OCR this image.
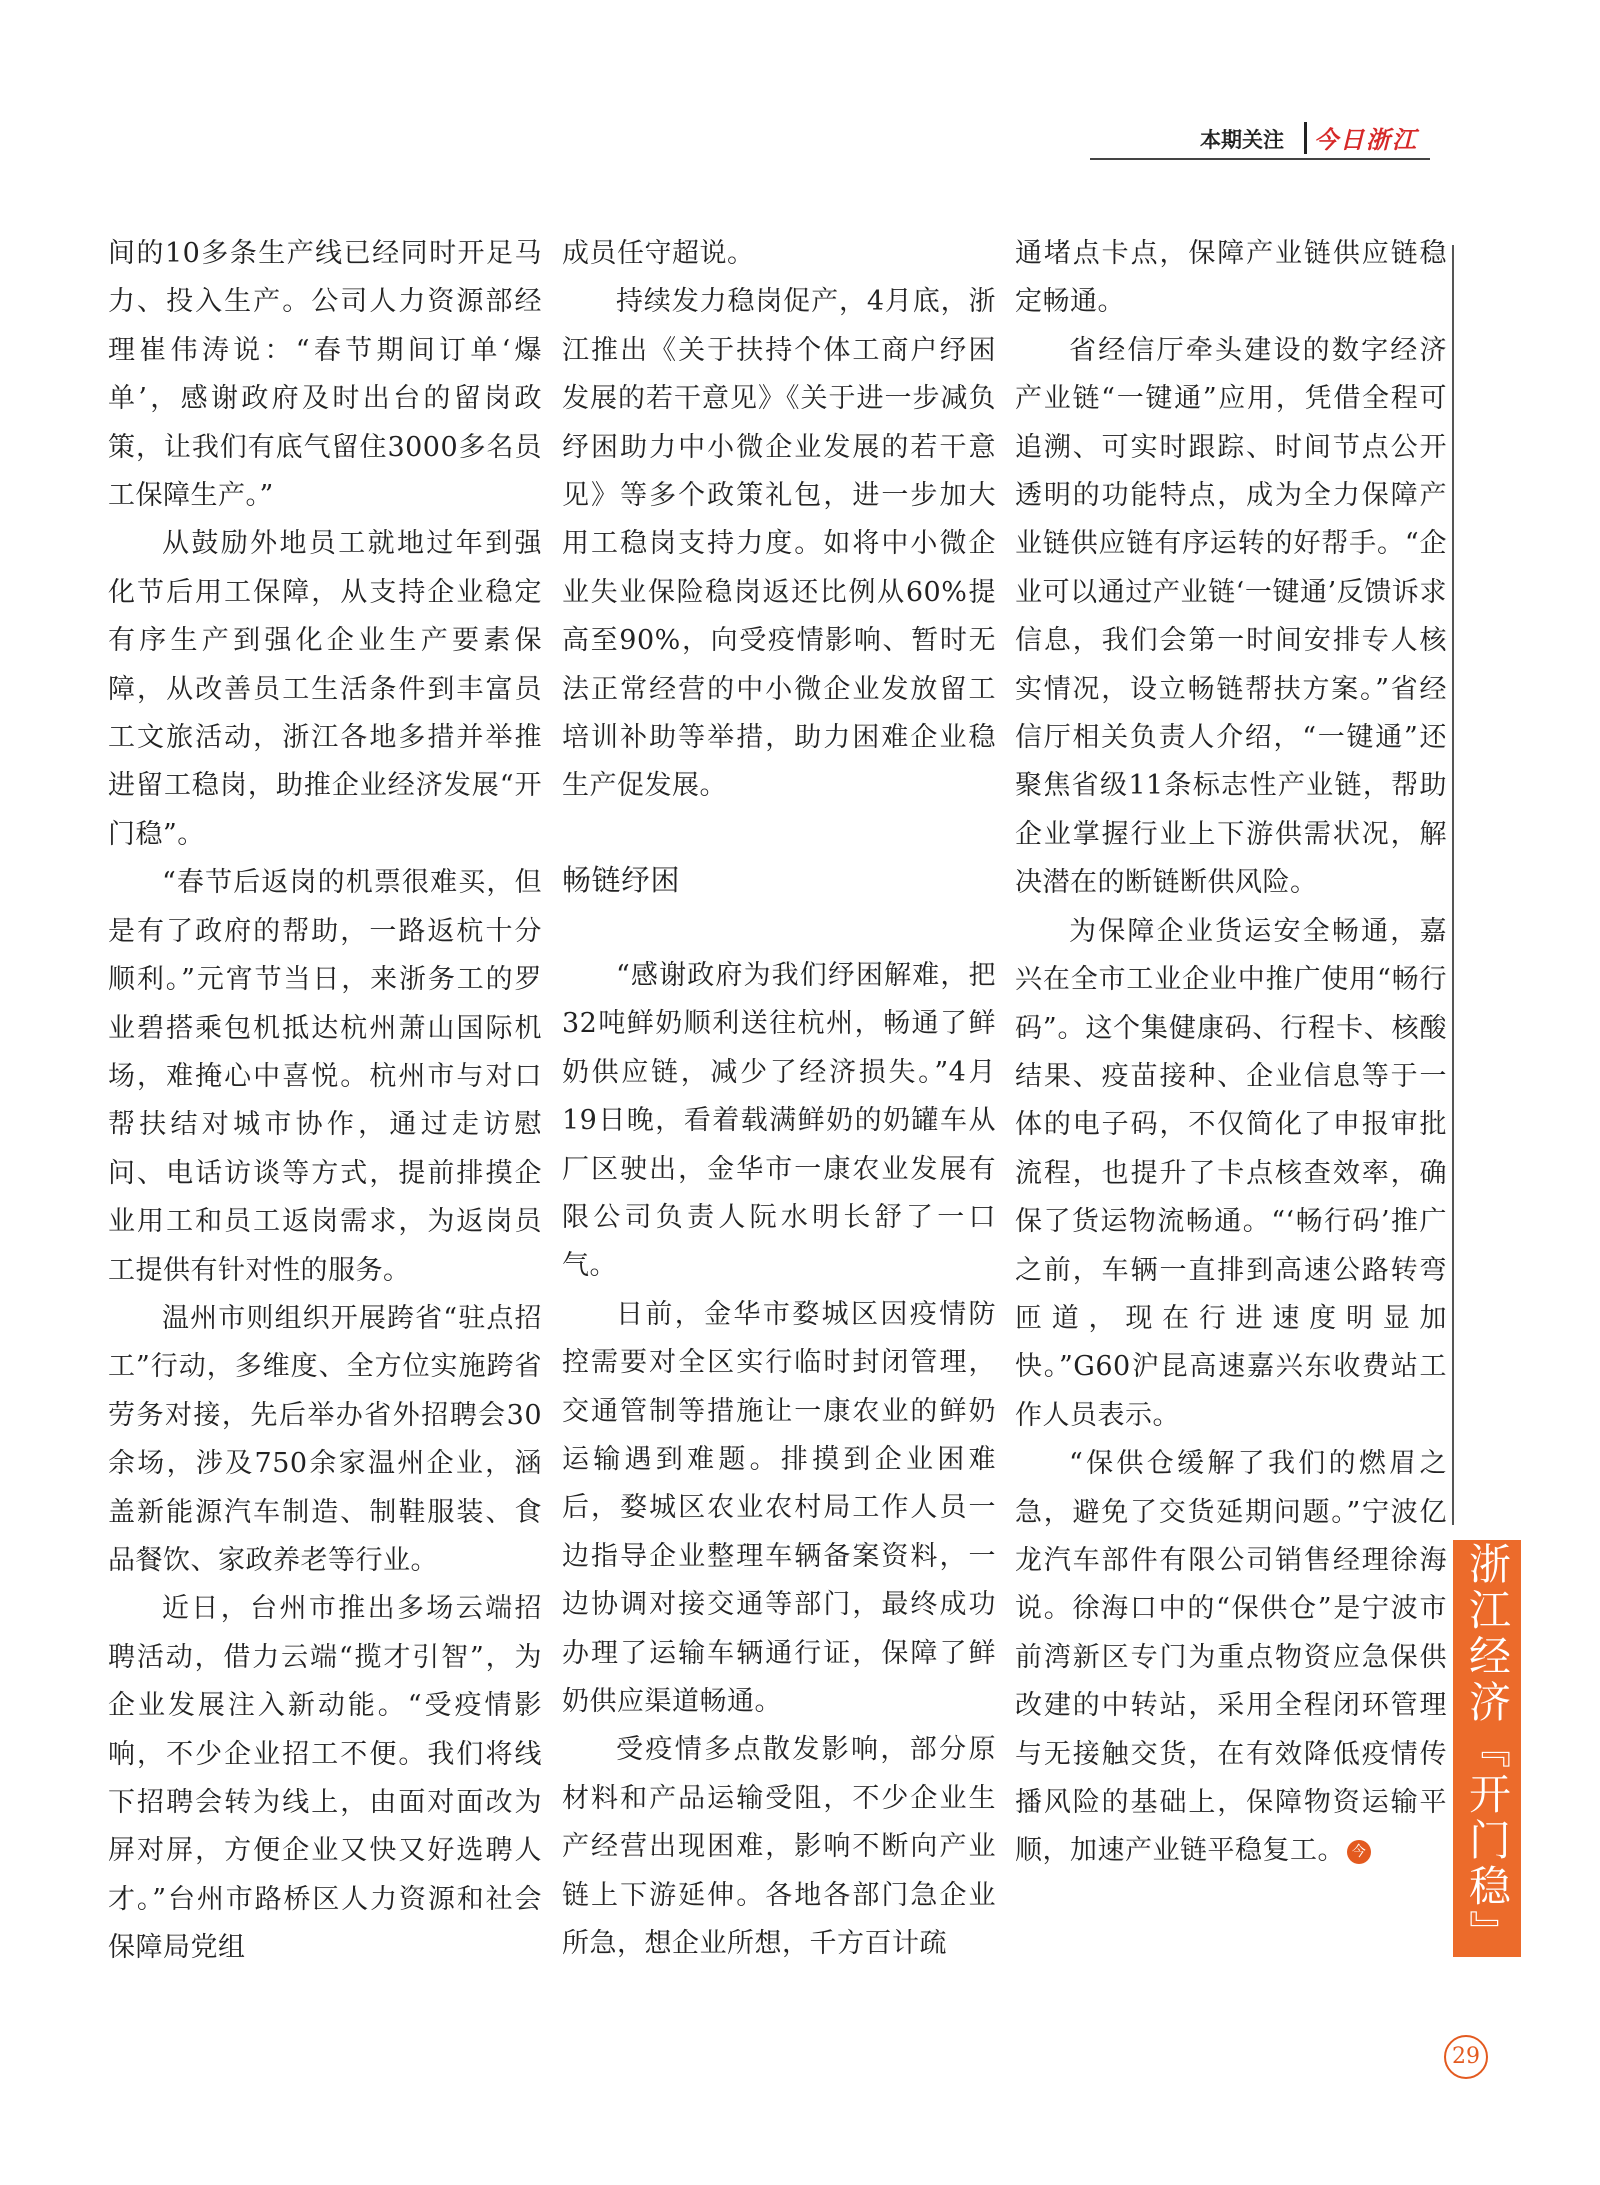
本期关注 今日浙江

间的10多条生产线已经同时开足马力、投入生产。公司人力资源部经理崔伟涛说：“春节期间订单‘爆单’，感谢政府及时出台的留岗政策，让我们有底气留住3000多名员工保障生产。”

从鼓励外地员工就地过年到强化节后用工保障，从支持企业稳定有序生产到强化企业生产要素保障，从改善员工生活条件到丰富员工文旅活动，浙江各地多措并举推进留工稳岗，助推企业经济发展“开门稳”。

“春节后返岗的机票很难买，但是有了政府的帮助，一路返杭十分顺利。”元宵节当日，来浙务工的罗业碧搭乘包机抵达杭州萧山国际机场，难掩心中喜悦。杭州市与对口帮扶结对城市协作，通过走访慰问、电话访谈等方式，提前排摸企业用工和员工返岗需求，为返岗员工提供有针对性的服务。

温州市则组织开展跨省“驻点招工”行动，多维度、全方位实施跨省劳务对接，先后举办省外招聘会30余场，涉及750余家温州企业，涵盖新能源汽车制造、制鞋服装、食品餐饮、家政养老等行业。

近日，台州市推出多场云端招聘活动，借力云端“揽才引智”，为企业发展注入新动能。“受疫情影响，不少企业招工不便。我们将线下招聘会转为线上，由面对面改为屏对屏，方便企业又快又好选聘人才。”台州市路桥区人力资源和社会保障局党组

成员任守超说。

持续发力稳岗促产，4月底，浙江推出《关于扶持个体工商户纾困发展的若干意见》《关于进一步减负纾困助力中小微企业发展的若干意见》等多个政策礼包，进一步加大用工稳岗支持力度。如将中小微企业失业保险稳岗返还比例从60%提高至90%，向受疫情影响、暂时无法正常经营的中小微企业发放留工培训补助等举措，助力困难企业稳生产促发展。

畅链纾困

“感谢政府为我们纾困解难，把32吨鲜奶顺利送往杭州，畅通了鲜奶供应链，减少了经济损失。”4月19日晚，看着载满鲜奶的奶罐车从厂区驶出，金华市一康农业发展有限公司负责人阮水明长舒了一口气。

日前，金华市婺城区因疫情防控需要对全区实行临时封闭管理，交通管制等措施让一康农业的鲜奶运输遇到难题。排摸到企业困难后，婺城区农业农村局工作人员一边指导企业整理车辆备案资料，一边协调对接交通等部门，最终成功办理了运输车辆通行证，保障了鲜奶供应渠道畅通。

受疫情多点散发影响，部分原材料和产品运输受阻，不少企业生产经营出现困难，影响不断向产业链上下游延伸。各地各部门急企业所急，想企业所想，千方百计疏

通堵点卡点，保障产业链供应链稳定畅通。

省经信厅牵头建设的数字经济产业链“一键通”应用，凭借全程可追溯、可实时跟踪、时间节点公开透明的功能特点，成为全力保障产业链供应链有序运转的好帮手。“企业可以通过产业链‘一键通’反馈诉求信息，我们会第一时间安排专人核实情况，设立畅链帮扶方案。”省经信厅相关负责人介绍，“一键通”还聚焦省级11条标志性产业链，帮助企业掌握行业上下游供需状况，解决潜在的断链断供风险。

为保障企业货运安全畅通，嘉兴在全市工业企业中推广使用“畅行码”。这个集健康码、行程卡、核酸结果、疫苗接种、企业信息等于一体的电子码，不仅简化了申报审批流程，也提升了卡点核查效率，确保了货运物流畅通。“‘畅行码’推广之前，车辆一直排到高速公路转弯匝道，现在行进速度明显加快。”G60沪昆高速嘉兴东收费站工作人员表示。

“保供仓缓解了我们的燃眉之急，避免了交货延期问题。”宁波亿龙汽车部件有限公司销售经理徐海说。徐海口中的“保供仓”是宁波市前湾新区专门为重点物资应急保供改建的中转站，采用全程闭环管理与无接触交货，在有效降低疫情传播风险的基础上，保障物资运输平顺，加速产业链平稳复工。 今	浙江经济『开门稳』
29
